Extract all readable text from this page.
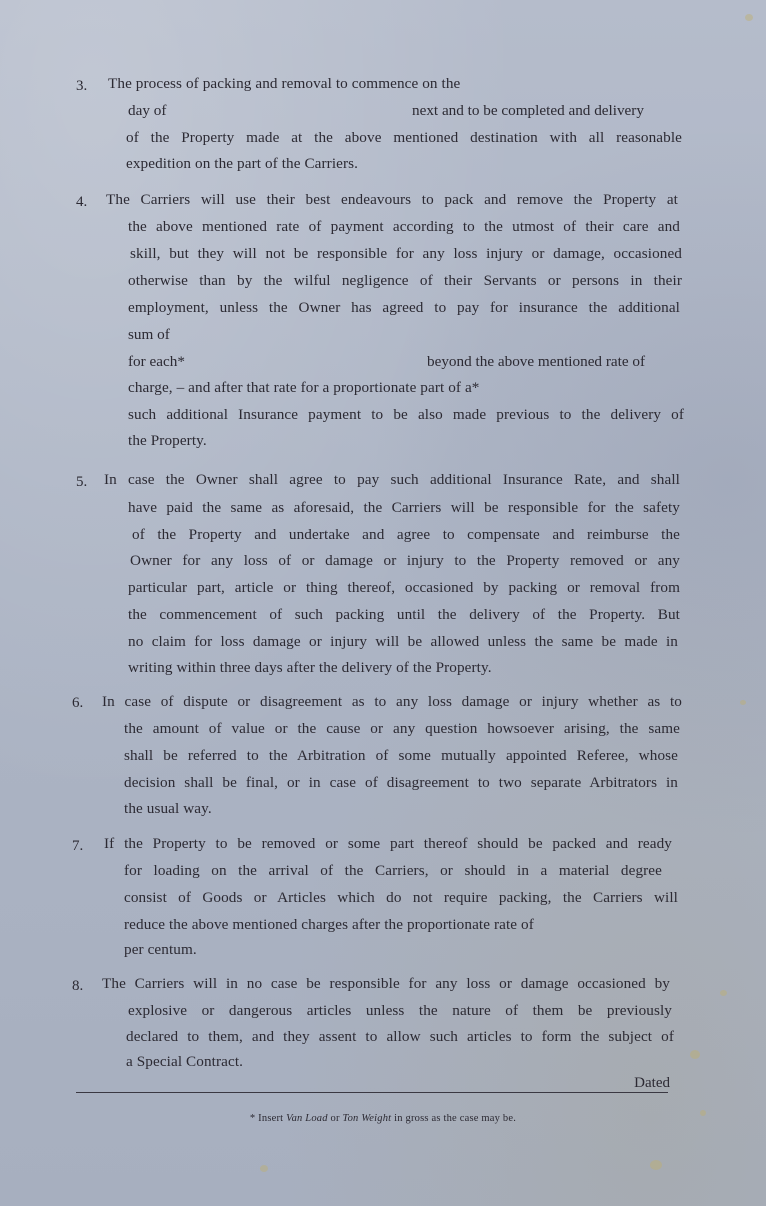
3. The process of packing and removal to commence on the
day of	next and to be completed and delivery
of the Property made at the above mentioned destination with all reasonable
expedition on the part of the Carriers.
4. The Carriers will use their best endeavours to pack and remove the Property at
the above mentioned rate of payment according to the utmost of their care and
skill, but they will not be responsible for any loss injury or damage, occasioned
otherwise than by the wilful negligence of their Servants or persons in their
employment, unless the Owner has agreed to pay for insurance the additional
sum of
for each*	beyond the above mentioned rate of
charge, – and after that rate for a proportionate part of a*
such additional Insurance payment to be also made previous to the delivery of
the Property.
5. In case the Owner shall agree to pay such additional Insurance Rate, and shall
have paid the same as aforesaid, the Carriers will be responsible for the safety
of the Property and undertake and agree to compensate and reimburse the
Owner for any loss of or damage or injury to the Property removed or any
particular part, article or thing thereof, occasioned by packing or removal from
the commencement of such packing until the delivery of the Property. But
no claim for loss damage or injury will be allowed unless the same be made in
writing within three days after the delivery of the Property.
6. In case of dispute or disagreement as to any loss damage or injury whether as to
the amount of value or the cause or any question howsoever arising, the same
shall be referred to the Arbitration of some mutually appointed Referee, whose
decision shall be final, or in case of disagreement to two separate Arbitrators in
the usual way.
7. If the Property to be removed or some part thereof should be packed and ready
for loading on the arrival of the Carriers, or should in a material degree
consist of Goods or Articles which do not require packing, the Carriers will
reduce the above mentioned charges after the proportionate rate of
per centum.
8. The Carriers will in no case be responsible for any loss or damage occasioned by
explosive or dangerous articles unless the nature of them be previously
declared to them, and they assent to allow such articles to form the subject of
a Special Contract.
Dated
* Insert Van Load or Ton Weight in gross as the case may be.
